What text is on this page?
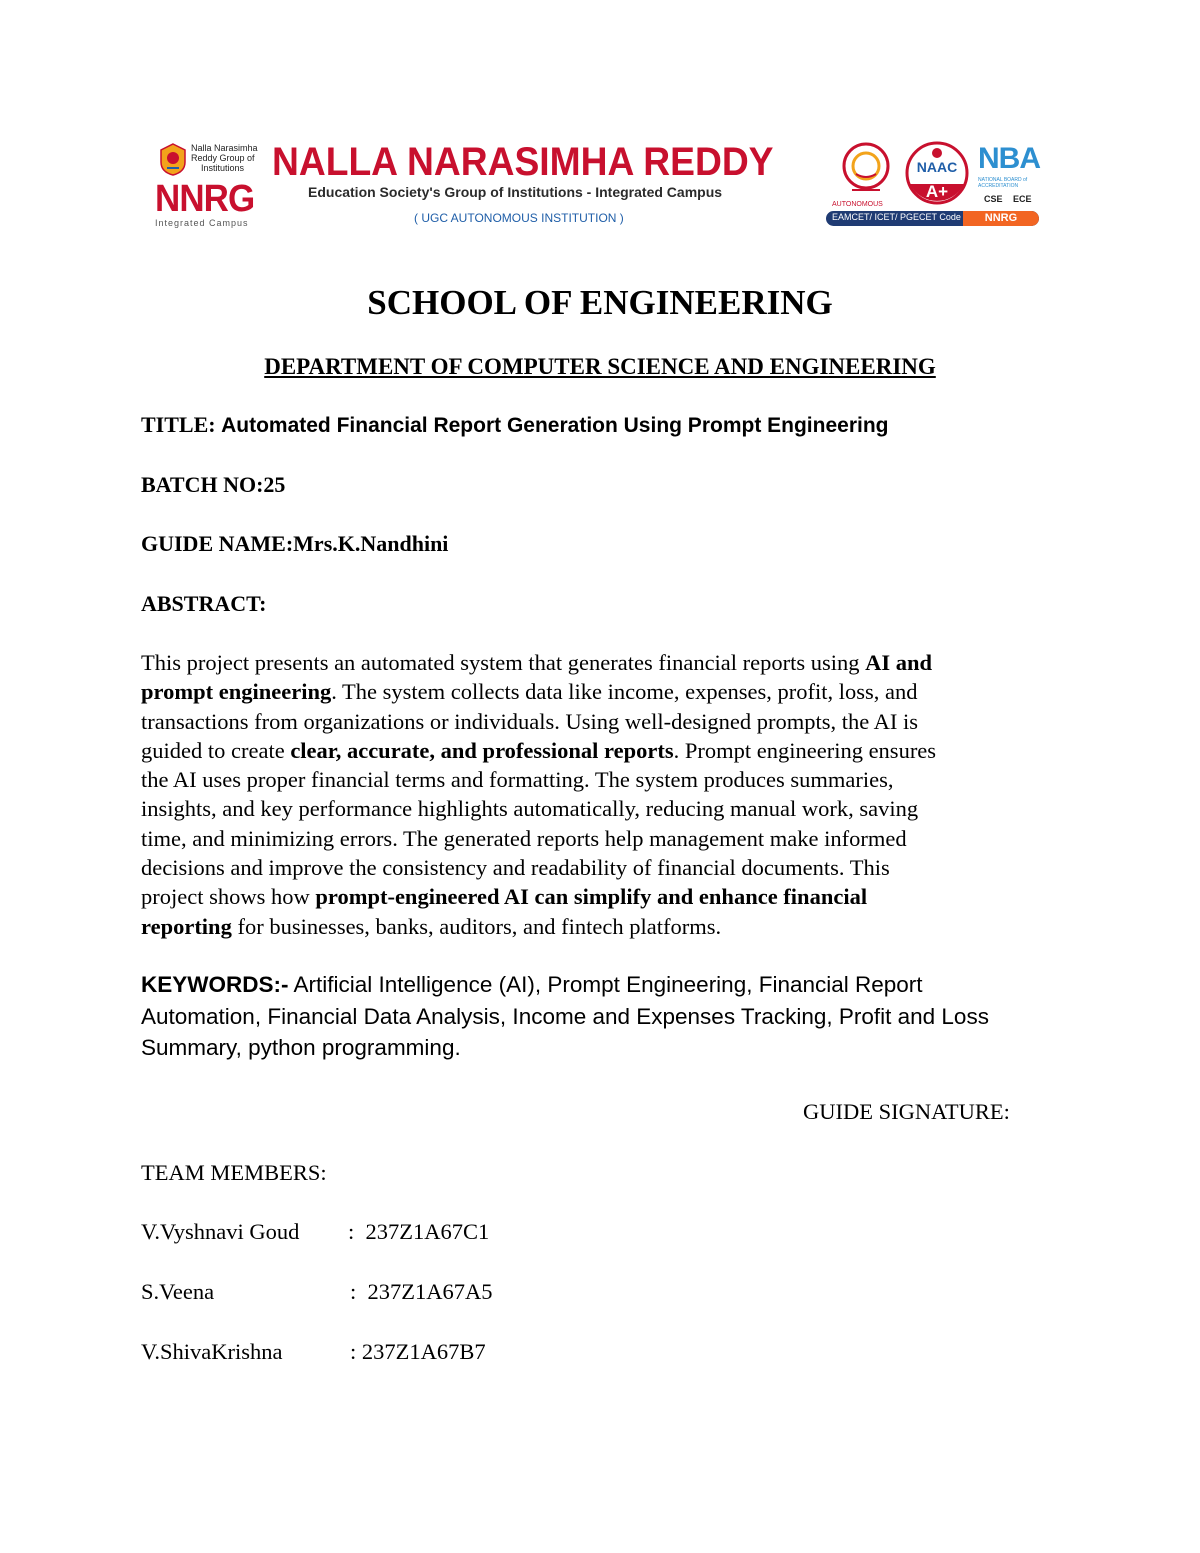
Nalla Narasimha
Reddy Group of
Institutions
NNRG
Integrated Campus
NALLA NARASIMHA REDDY
Education Society's Group of Institutions - Integrated Campus
( UGC AUTONOMOUS INSTITUTION )
AUTONOMOUS
NAAC
A+
NBA
NATIONAL BOARD of ACCREDITATION
CSE ECE
EAMCET/ ICET/ PGECET Code	NNRG
SCHOOL OF ENGINEERING
DEPARTMENT OF COMPUTER SCIENCE AND ENGINEERING
TITLE: Automated Financial Report Generation Using Prompt Engineering
BATCH NO:25
GUIDE NAME:Mrs.K.Nandhini
ABSTRACT:
This project presents an automated system that generates financial reports using AI and
prompt engineering. The system collects data like income, expenses, profit, loss, and
transactions from organizations or individuals. Using well-designed prompts, the AI is
guided to create clear, accurate, and professional reports. Prompt engineering ensures
the AI uses proper financial terms and formatting. The system produces summaries,
insights, and key performance highlights automatically, reducing manual work, saving
time, and minimizing errors. The generated reports help management make informed
decisions and improve the consistency and readability of financial documents. This
project shows how prompt-engineered AI can simplify and enhance financial
reporting for businesses, banks, auditors, and fintech platforms.
KEYWORDS:- Artificial Intelligence (AI), Prompt Engineering, Financial Report
Automation, Financial Data Analysis, Income and Expenses Tracking, Profit and Loss
Summary, python programming.
GUIDE SIGNATURE:
TEAM MEMBERS:
V.Vyshnavi Goud : 237Z1A67C1
S.Veena	: 237Z1A67A5
V.ShivaKrishna	: 237Z1A67B7
